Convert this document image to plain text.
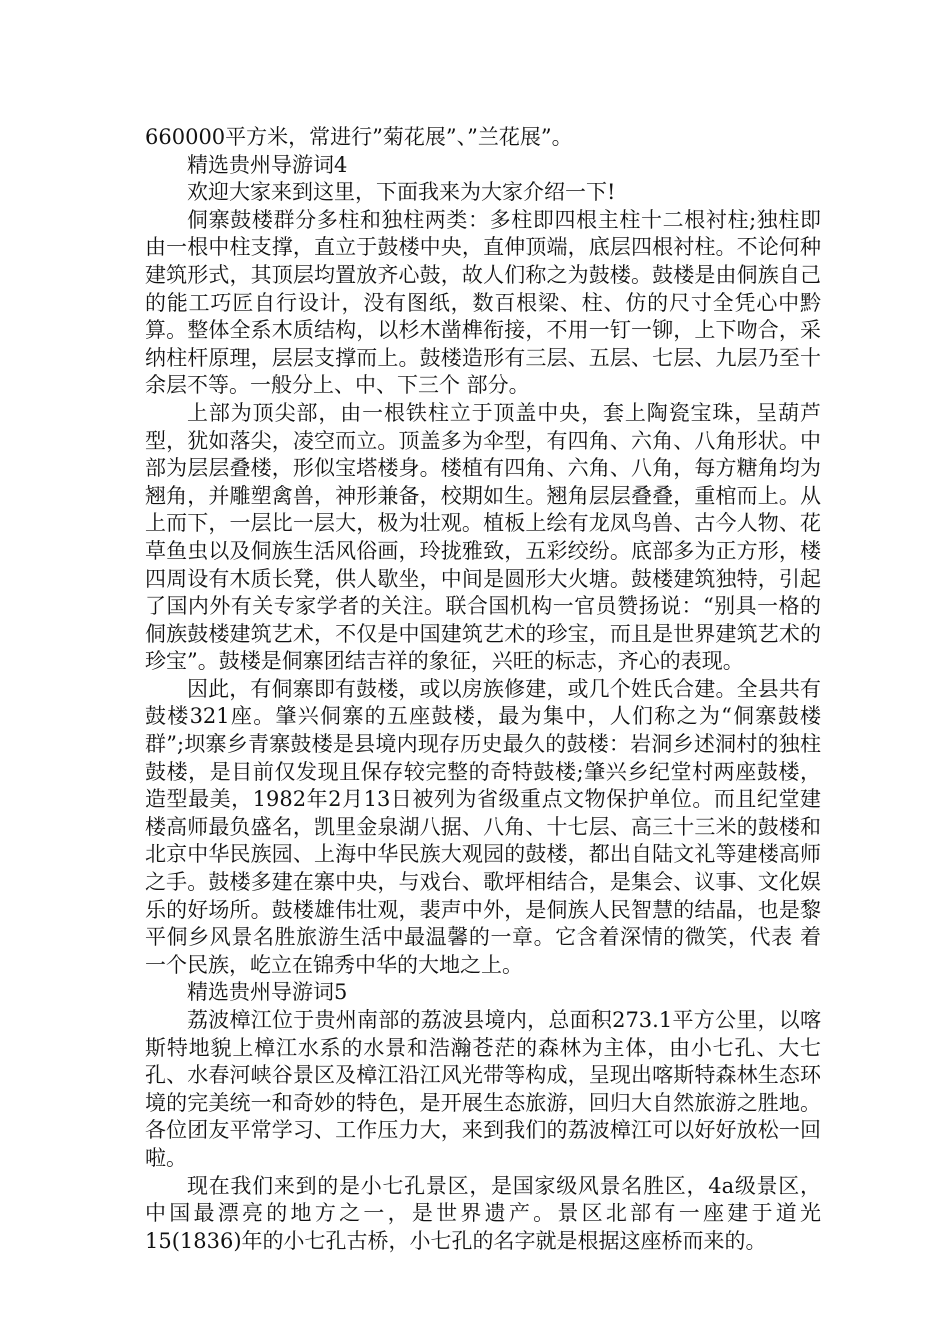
660000平方米，常进行”菊花展”、”兰花展”。

精选贵州导游词4

欢迎大家来到这里，下面我来为大家介绍一下!

侗寨鼓楼群分多柱和独柱两类：多柱即四根主柱十二根衬柱;独柱即由一根中柱支撑，直立于鼓楼中央，直伸顶端，底层四根衬柱。不论何种建筑形式，其顶层均置放齐心鼓，故人们称之为鼓楼。鼓楼是由侗族自己的能工巧匠自行设计，没有图纸，数百根梁、柱、仿的尺寸全凭心中黔算。整体全系木质结构，以杉木凿榫衔接，不用一钉一铆，上下吻合，采纳柱杆原理，层层支撑而上。鼓楼造形有三层、五层、七层、九层乃至十余层不等。一般分上、中、下三个 部分。

上部为顶尖部，由一根铁柱立于顶盖中央，套上陶瓷宝珠，呈葫芦型，犹如落尖，凌空而立。顶盖多为伞型，有四角、六角、八角形状。中部为层层叠楼，形似宝塔楼身。楼植有四角、六角、八角，每方糖角均为翘角，并雕塑禽兽，神形兼备，校期如生。翘角层层叠叠，重棺而上。从上而下，一层比一层大，极为壮观。植板上绘有龙凤鸟兽、古今人物、花草鱼虫以及侗族生活风俗画，玲拢雅致，五彩绞纷。底部多为正方形，楼四周设有木质长凳，供人歇坐，中间是圆形大火塘。鼓楼建筑独特，引起了国内外有关专家学者的关注。联合国机构一官员赞扬说：“别具一格的侗族鼓楼建筑艺术，不仅是中国建筑艺术的珍宝，而且是世界建筑艺术的珍宝”。鼓楼是侗寨团结吉祥的象征，兴旺的标志，齐心的表现。

因此，有侗寨即有鼓楼，或以房族修建，或几个姓氏合建。全县共有鼓楼321座。肇兴侗寨的五座鼓楼，最为集中，人们称之为“侗寨鼓楼群”;坝寨乡青寨鼓楼是县境内现存历史最久的鼓楼：岩洞乡述洞村的独柱鼓楼，是目前仅发现且保存较完整的奇特鼓楼;肇兴乡纪堂村两座鼓楼，造型最美，1982年2月13日被列为省级重点文物保护单位。而且纪堂建楼高师最负盛名，凯里金泉湖八据、八角、十七层、高三十三米的鼓楼和北京中华民族园、上海中华民族大观园的鼓楼，都出自陆文礼等建楼高师之手。鼓楼多建在寨中央，与戏台、歌坪相结合，是集会、议事、文化娱乐的好场所。鼓楼雄伟壮观，裴声中外，是侗族人民智慧的结晶，也是黎平侗乡风景名胜旅游生活中最温馨的一章。它含着深情的微笑，代表 着一个民族，屹立在锦秀中华的大地之上。

精选贵州导游词5

荔波樟江位于贵州南部的荔波县境内，总面积273.1平方公里，以喀斯特地貌上樟江水系的水景和浩瀚苍茫的森林为主体，由小七孔、大七孔、水春河峡谷景区及樟江沿江风光带等构成，呈现出喀斯特森林生态环境的完美统一和奇妙的特色，是开展生态旅游，回归大自然旅游之胜地。各位团友平常学习、工作压力大，来到我们的荔波樟江可以好好放松一回啦。

现在我们来到的是小七孔景区，是国家级风景名胜区，4a级景区，中国最漂亮的地方之一，是世界遗产。景区北部有一座建于道光15(1836)年的小七孔古桥，小七孔的名字就是根据这座桥而来的。
